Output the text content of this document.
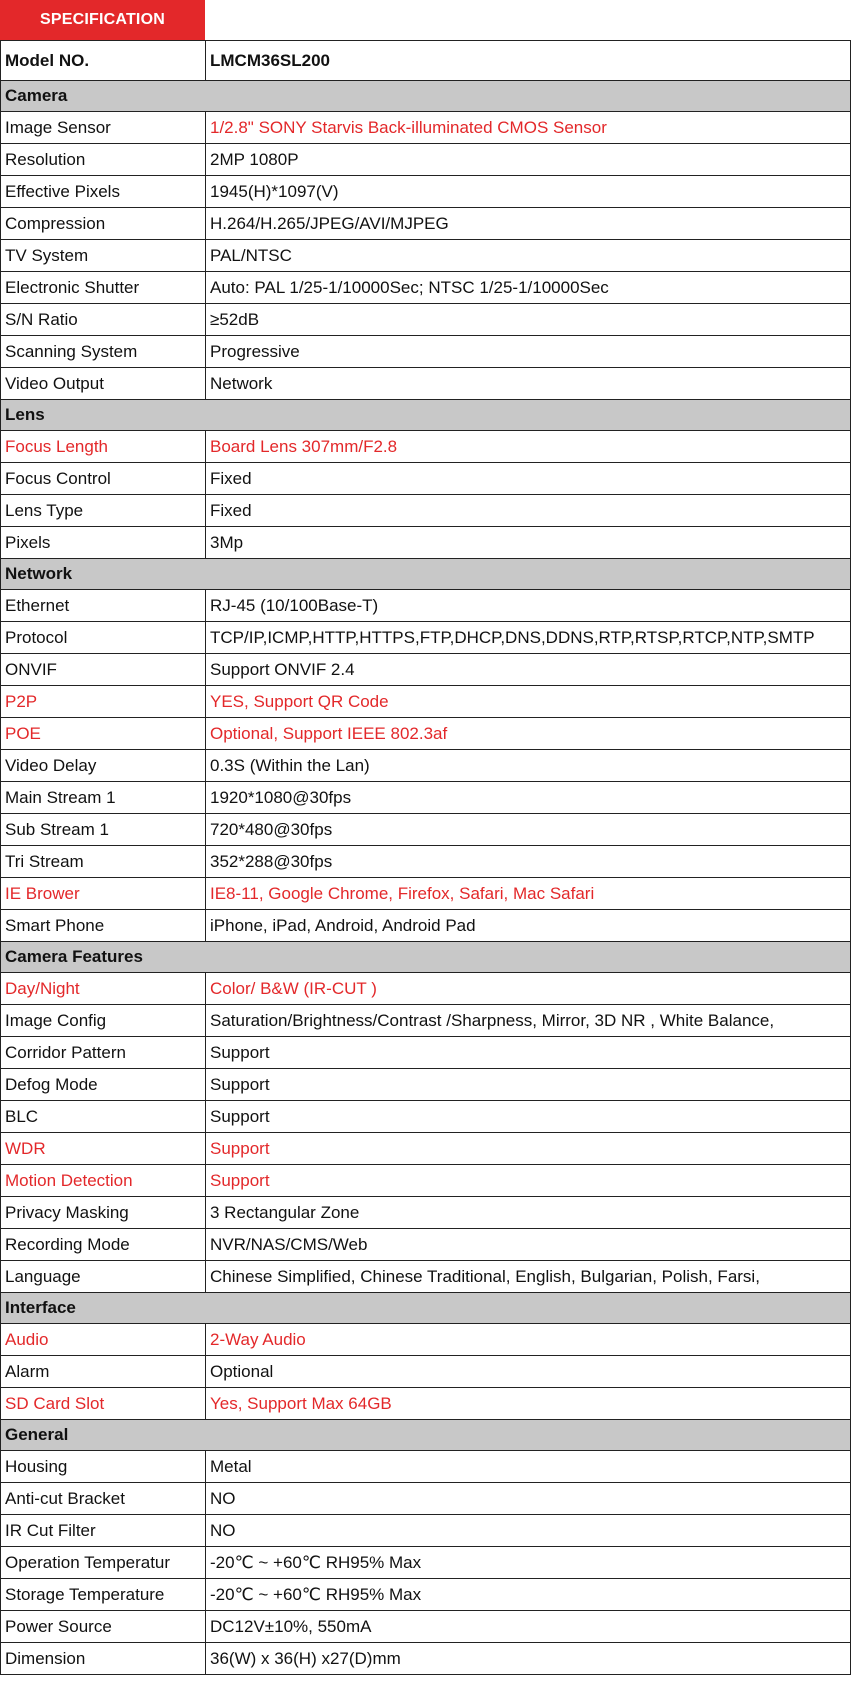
SPECIFICATION
Model NO.	LMCM36SL200
Camera	
Image Sensor	1/2.8" SONY Starvis Back-illuminated CMOS Sensor
Resolution	2MP 1080P
Effective Pixels	1945(H)*1097(V)
Compression	H.264/H.265/JPEG/AVI/MJPEG
TV System	PAL/NTSC
Electronic Shutter	Auto: PAL 1/25-1/10000Sec; NTSC 1/25-1/10000Sec
S/N Ratio	≥52dB
Scanning System	Progressive
Video Output	Network
Lens	
Focus Length	Board Lens 307mm/F2.8
Focus Control	Fixed
Lens Type	Fixed
Pixels	3Mp
Network	
Ethernet	RJ-45 (10/100Base-T)
Protocol	TCP/IP,ICMP,HTTP,HTTPS,FTP,DHCP,DNS,DDNS,RTP,RTSP,RTCP,NTP,SMTP
ONVIF	Support ONVIF 2.4
P2P	YES, Support QR Code
POE	Optional, Support IEEE 802.3af
Video Delay	0.3S (Within the Lan)
Main Stream 1	1920*1080@30fps
Sub Stream 1	720*480@30fps
Tri Stream	352*288@30fps
IE Brower	IE8-11, Google Chrome, Firefox, Safari, Mac Safari
Smart Phone	iPhone, iPad, Android, Android Pad
Camera Features	
Day/Night	Color/ B&W (IR-CUT )
Image Config	Saturation/Brightness/Contrast /Sharpness, Mirror, 3D NR , White Balance,
Corridor Pattern	Support
Defog Mode	Support
BLC	Support
WDR	Support
Motion Detection	Support
Privacy Masking	3 Rectangular Zone
Recording Mode	NVR/NAS/CMS/Web
Language	Chinese Simplified, Chinese Traditional, English, Bulgarian, Polish, Farsi,
Interface	
Audio	2-Way Audio
Alarm	Optional
SD Card Slot	Yes, Support Max 64GB
General	
Housing	Metal
Anti-cut Bracket	NO
IR Cut Filter	NO
Operation Temperatur	-20℃ ~ +60℃ RH95% Max
Storage Temperature	-20℃ ~ +60℃ RH95% Max
Power Source	DC12V±10%, 550mA
Dimension	36(W) x 36(H) x27(D)mm
